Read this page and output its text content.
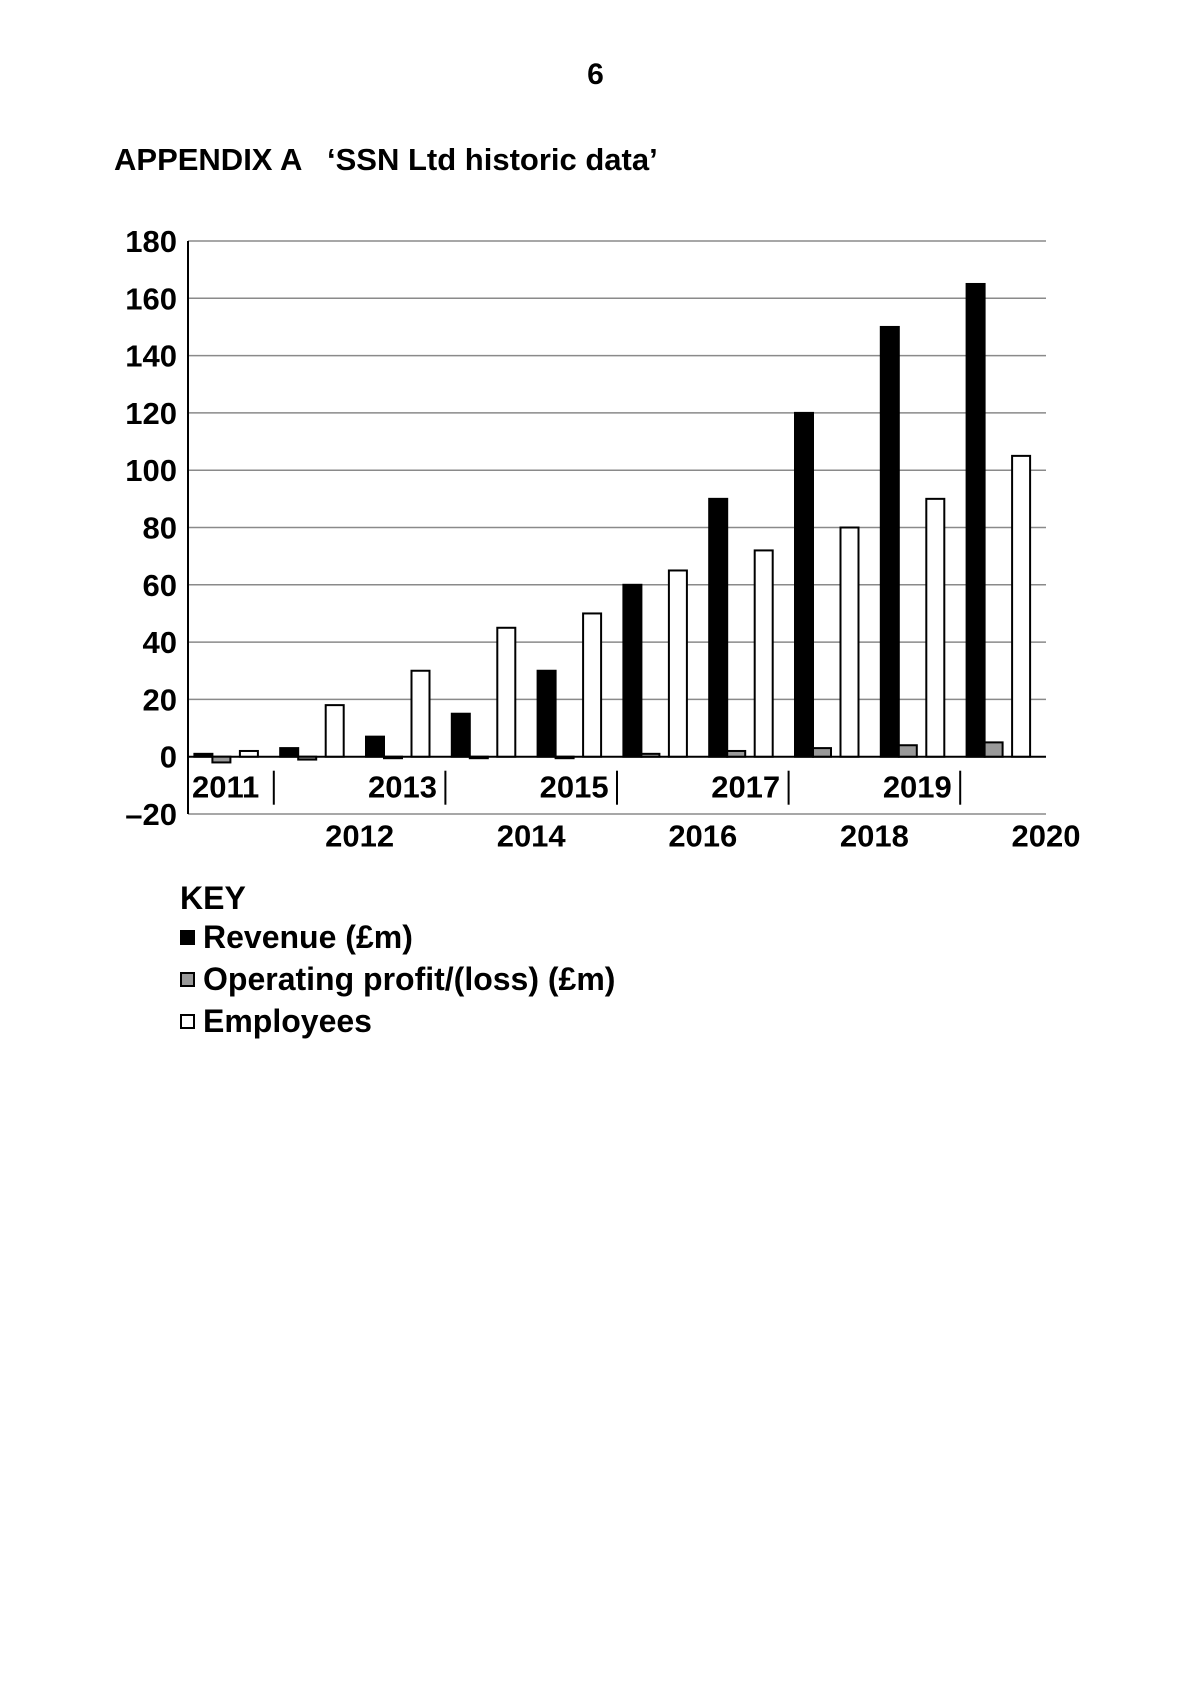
6
APPENDIX A   ‘SSN Ltd historic data’
180
160
140
120
100
80
60
40
20
0
–20
2011
2012
2013
2014
2015
2016
2017
2018
2019
2020
KEY
Revenue (£m)
Operating profit/(loss) (£m)
Employees
